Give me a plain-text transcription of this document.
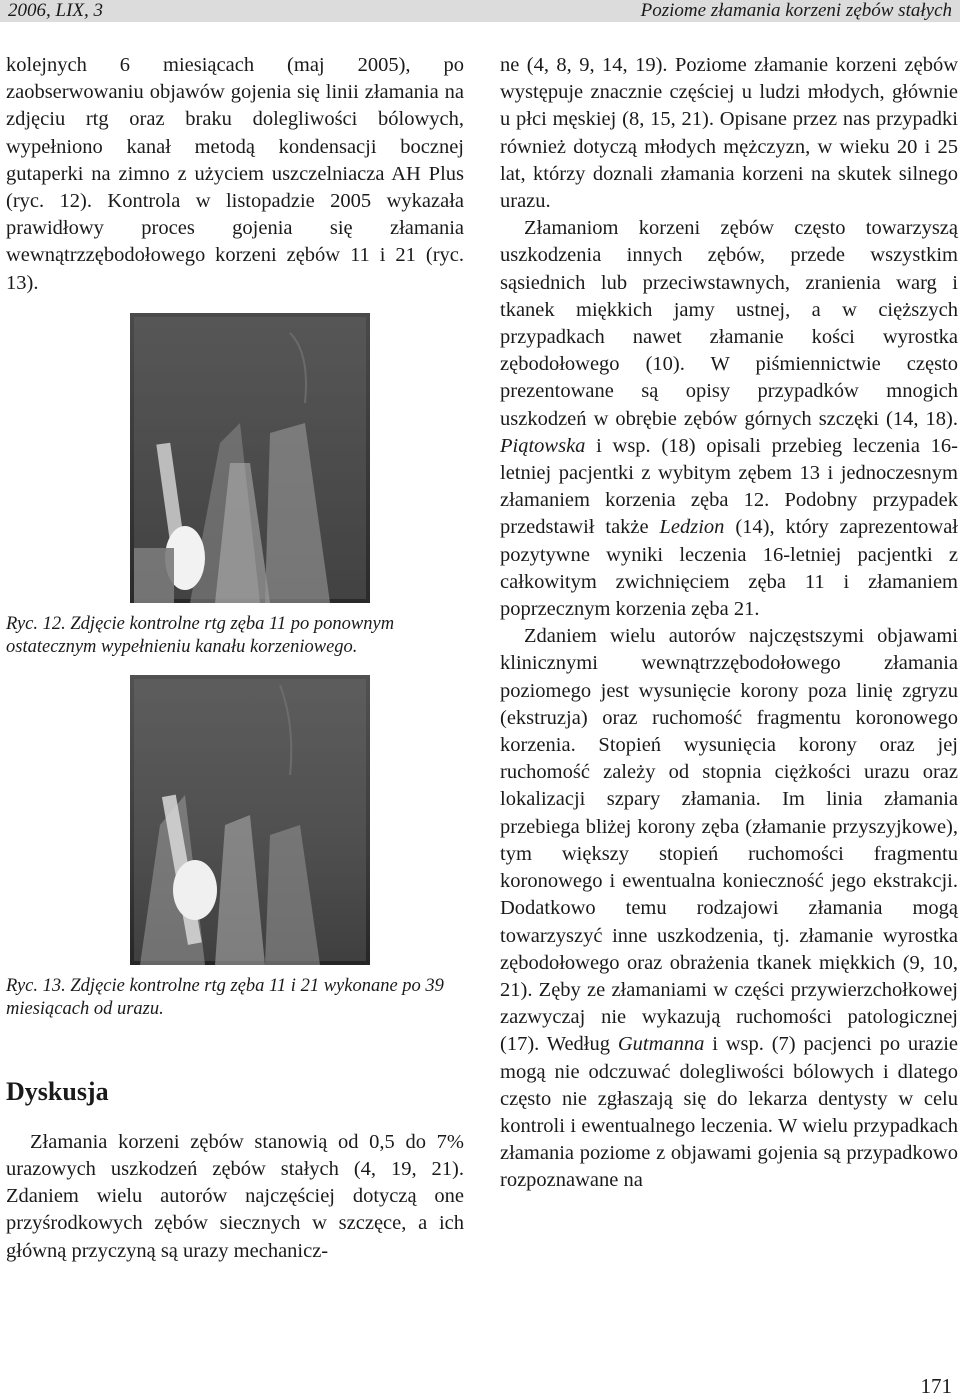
2006, LIX, 3	Poziome złamania korzeni zębów stałych

kolejnych 6 miesiącach (maj 2005), po zaobserwowaniu objawów gojenia się linii złamania na zdjęciu rtg oraz braku dolegliwości bólowych, wypełniono kanał metodą kondensacji bocznej gutaperki na zimno z użyciem uszczelniacza AH Plus (ryc. 12). Kontrola w listopadzie 2005 wykazała prawidłowy proces gojenia się złamania wewnątrzzębodołowego korzeni zębów 11 i 21 (ryc. 13).

Ryc. 12. Zdjęcie kontrolne rtg zęba 11 po ponownym ostatecznym wypełnieniu kanału korzeniowego.

Ryc. 13. Zdjęcie kontrolne rtg zęba 11 i 21 wykonane po 39 miesiącach od urazu.

Dyskusja

Złamania korzeni zębów stanowią od 0,5 do 7% urazowych uszkodzeń zębów stałych (4, 19, 21). Zdaniem wielu autorów najczęściej dotyczą one przyśrodkowych zębów siecznych w szczęce, a ich główną przyczyną są urazy mechanicz-

ne (4, 8, 9, 14, 19). Poziome złamanie korzeni zębów występuje znacznie częściej u ludzi młodych, głównie u płci męskiej (8, 15, 21). Opisane przez nas przypadki również dotyczą młodych mężczyzn, w wieku 20 i 25 lat, którzy doznali złamania korzeni na skutek silnego urazu.

Złamaniom korzeni zębów często towarzyszą uszkodzenia innych zębów, przede wszystkim sąsiednich lub przeciwstawnych, zranienia warg i tkanek miękkich jamy ustnej, a w cięższych przypadkach nawet złamanie kości wyrostka zębodołowego (10). W piśmiennictwie często prezentowane są opisy przypadków mnogich uszkodzeń w obrębie zębów górnych szczęki (14, 18). Piątowska i wsp. (18) opisali przebieg leczenia 16-letniej pacjentki z wybitym zębem 13 i jednoczesnym złamaniem korzenia zęba 12. Podobny przypadek przedstawił także Ledzion (14), który zaprezentował pozytywne wyniki leczenia 16-letniej pacjentki z całkowitym zwichnięciem zęba 11 i złamaniem poprzecznym korzenia zęba 21.

Zdaniem wielu autorów najczęstszymi objawami klinicznymi wewnątrzzębodołowego złamania poziomego jest wysunięcie korony poza linię zgryzu (ekstruzja) oraz ruchomość fragmentu koronowego korzenia. Stopień wysunięcia korony oraz jej ruchomość zależy od stopnia ciężkości urazu oraz lokalizacji szpary złamania. Im linia złamania przebiega bliżej korony zęba (złamanie przyszyjkowe), tym większy stopień ruchomości fragmentu koronowego i ewentualna konieczność jego ekstrakcji. Dodatkowo temu rodzajowi złamania mogą towarzyszyć inne uszkodzenia, tj. złamanie wyrostka zębodołowego oraz obrażenia tkanek miękkich (9, 10, 21). Zęby ze złamaniami w części przywierzchołkowej zazwyczaj nie wykazują ruchomości patologicznej (17). Według Gutmanna i wsp. (7) pacjenci po urazie mogą nie odczuwać dolegliwości bólowych i dlatego często nie zgłaszają się do lekarza dentysty w celu kontroli i ewentualnego leczenia. W wielu przypadkach złamania poziome z objawami gojenia są przypadkowo rozpoznawane na

171
